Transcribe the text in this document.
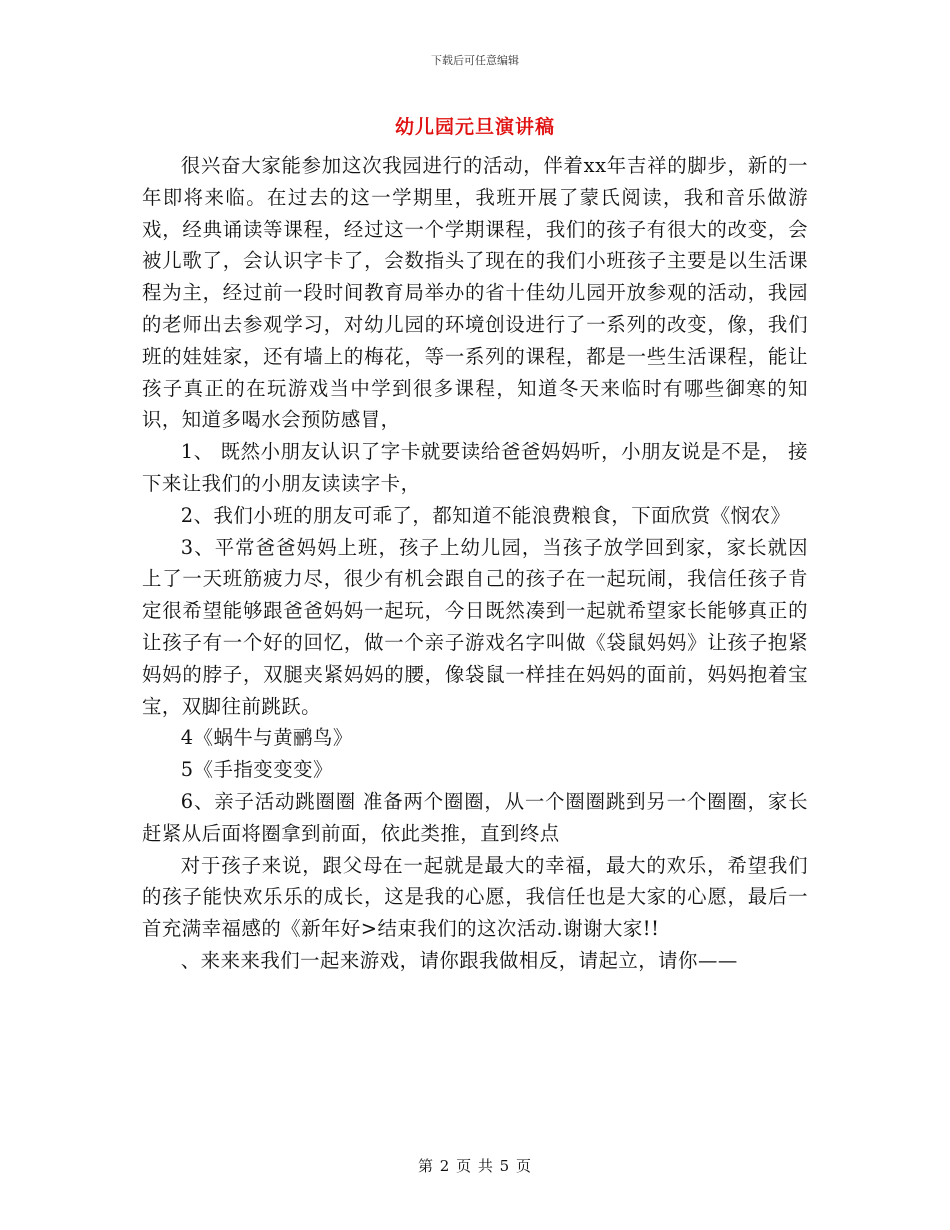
下载后可任意编辑
幼儿园元旦演讲稿

很兴奋大家能参加这次我园进行的活动，伴着xx年吉祥的脚步，新的一年即将来临。在过去的这一学期里，我班开展了蒙氏阅读，我和音乐做游戏，经典诵读等课程，经过这一个学期课程，我们的孩子有很大的改变，会被儿歌了，会认识字卡了，会数指头了现在的我们小班孩子主要是以生活课程为主，经过前一段时间教育局举办的省十佳幼儿园开放参观的活动，我园的老师出去参观学习，对幼儿园的环境创设进行了一系列的改变，像，我们班的娃娃家，还有墙上的梅花，等一系列的课程，都是一些生活课程，能让孩子真正的在玩游戏当中学到很多课程，知道冬天来临时有哪些御寒的知识，知道多喝水会预防感冒，

1、 既然小朋友认识了字卡就要读给爸爸妈妈听，小朋友说是不是， 接下来让我们的小朋友读读字卡，

2、我们小班的朋友可乖了，都知道不能浪费粮食，下面欣赏《悯农》

3、平常爸爸妈妈上班，孩子上幼儿园，当孩子放学回到家，家长就因上了一天班筋疲力尽，很少有机会跟自己的孩子在一起玩闹，我信任孩子肯定很希望能够跟爸爸妈妈一起玩，今日既然凑到一起就希望家长能够真正的让孩子有一个好的回忆，做一个亲子游戏名字叫做《袋鼠妈妈》让孩子抱紧妈妈的脖子，双腿夹紧妈妈的腰，像袋鼠一样挂在妈妈的面前，妈妈抱着宝宝，双脚往前跳跃。

4《蜗牛与黄鹂鸟》

5《手指变变变》

6、亲子活动跳圈圈 准备两个圈圈，从一个圈圈跳到另一个圈圈，家长赶紧从后面将圈拿到前面，依此类推，直到终点

对于孩子来说，跟父母在一起就是最大的幸福，最大的欢乐，希望我们的孩子能快欢乐乐的成长，这是我的心愿，我信任也是大家的心愿，最后一首充满幸福感的《新年好>结束我们的这次活动.谢谢大家!!

、来来来我们一起来游戏，请你跟我做相反，请起立，请你——

第 2 页 共 5 页
